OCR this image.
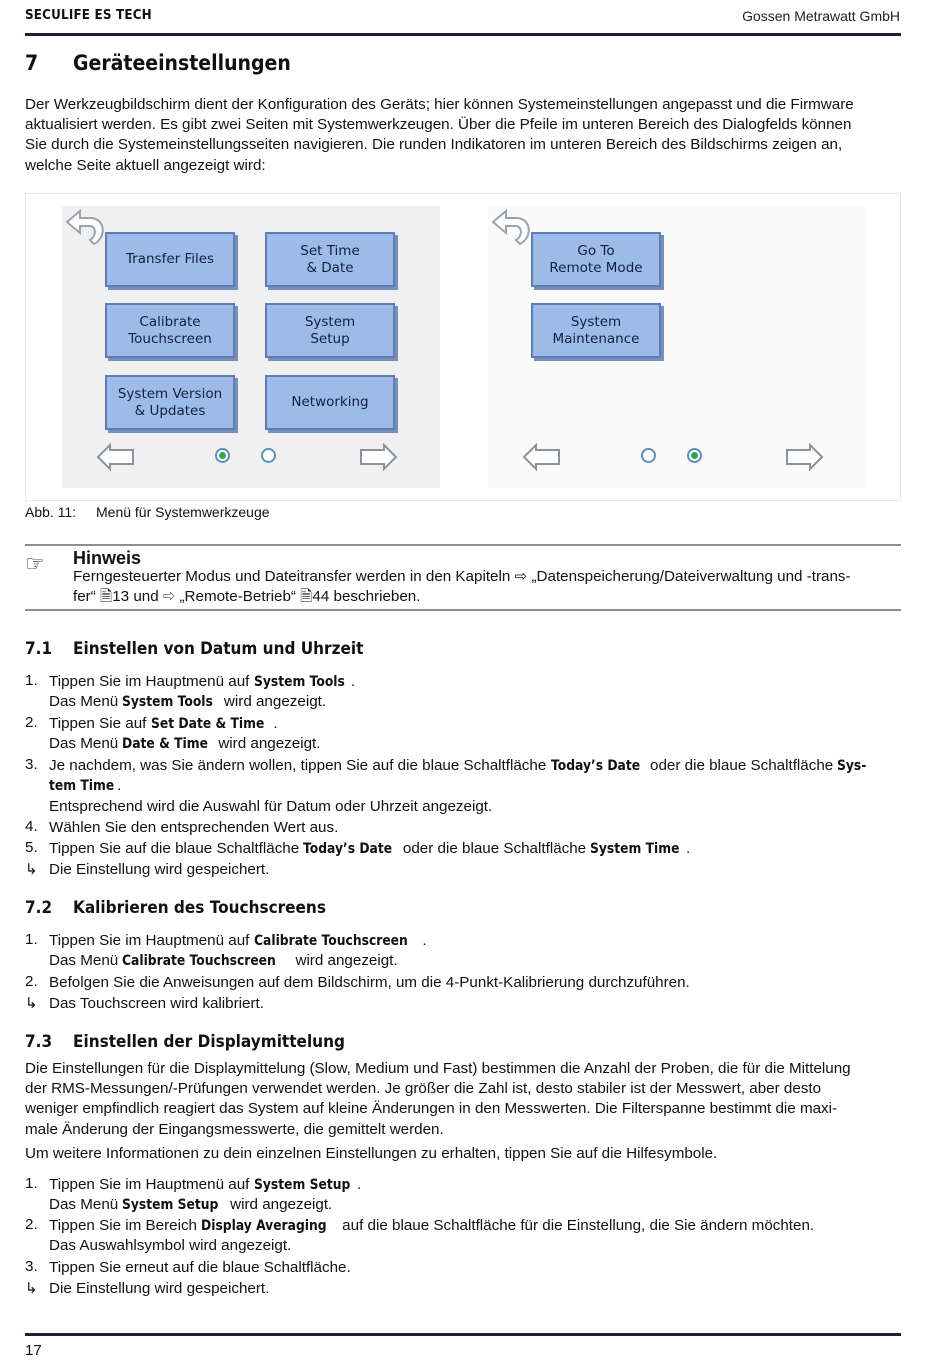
SECULIFE ES TECH	Gossen Metrawatt GmbH
7 Geräteeinstellungen
Der Werkzeugbildschirm dient der Konfiguration des Geräts; hier können Systemeinstellungen angepasst und die Firmware
aktualisiert werden. Es gibt zwei Seiten mit Systemwerkzeugen. Über die Pfeile im unteren Bereich des Dialogfelds können
Sie durch die Systemeinstellungsseiten navigieren. Die runden Indikatoren im unteren Bereich des Bildschirms zeigen an,
welche Seite aktuell angezeigt wird:
Transfer Files
Set Time
& Date
Calibrate
Touchscreen
System
Setup
System Version
& Updates
Networking
Go To
Remote Mode
System
Maintenance
Abb. 11: Menü für Systemwerkzeuge
☞ Hinweis
Ferngesteuerter Modus und Dateitransfer werden in den Kapiteln ⇨ „Datenspeicherung/Dateiverwaltung und -trans-
fer“ 🗎13 und ⇨ „Remote-Betrieb“ 🗎44 beschrieben.
7.1 Einstellen von Datum und Uhrzeit
1. Tippen Sie im Hauptmenü auf System Tools .
Das Menü System Tools wird angezeigt.
2. Tippen Sie auf Set Date & Time .
Das Menü Date & Time wird angezeigt.
3. Je nachdem, was Sie ändern wollen, tippen Sie auf die blaue Schaltfläche Today’s Date oder die blaue Schaltfläche Sys-
tem Time .
Entsprechend wird die Auswahl für Datum oder Uhrzeit angezeigt.
4. Wählen Sie den entsprechenden Wert aus.
5. Tippen Sie auf die blaue Schaltfläche Today’s Date oder die blaue Schaltfläche System Time .
↳ Die Einstellung wird gespeichert.
7.2 Kalibrieren des Touchscreens
1. Tippen Sie im Hauptmenü auf Calibrate Touchscreen .
Das Menü Calibrate Touchscreen wird angezeigt.
2. Befolgen Sie die Anweisungen auf dem Bildschirm, um die 4-Punkt-Kalibrierung durchzuführen.
↳ Das Touchscreen wird kalibriert.
7.3 Einstellen der Displaymittelung
Die Einstellungen für die Displaymittelung (Slow, Medium und Fast) bestimmen die Anzahl der Proben, die für die Mittelung
der RMS-Messungen/-Prüfungen verwendet werden. Je größer die Zahl ist, desto stabiler ist der Messwert, aber desto
weniger empfindlich reagiert das System auf kleine Änderungen in den Messwerten. Die Filterspanne bestimmt die maxi-
male Änderung der Eingangsmesswerte, die gemittelt werden.
Um weitere Informationen zu dein einzelnen Einstellungen zu erhalten, tippen Sie auf die Hilfesymbole.
1. Tippen Sie im Hauptmenü auf System Setup .
Das Menü System Setup wird angezeigt.
2. Tippen Sie im Bereich Display Averaging auf die blaue Schaltfläche für die Einstellung, die Sie ändern möchten.
Das Auswahlsymbol wird angezeigt.
3. Tippen Sie erneut auf die blaue Schaltfläche.
↳ Die Einstellung wird gespeichert.
17
